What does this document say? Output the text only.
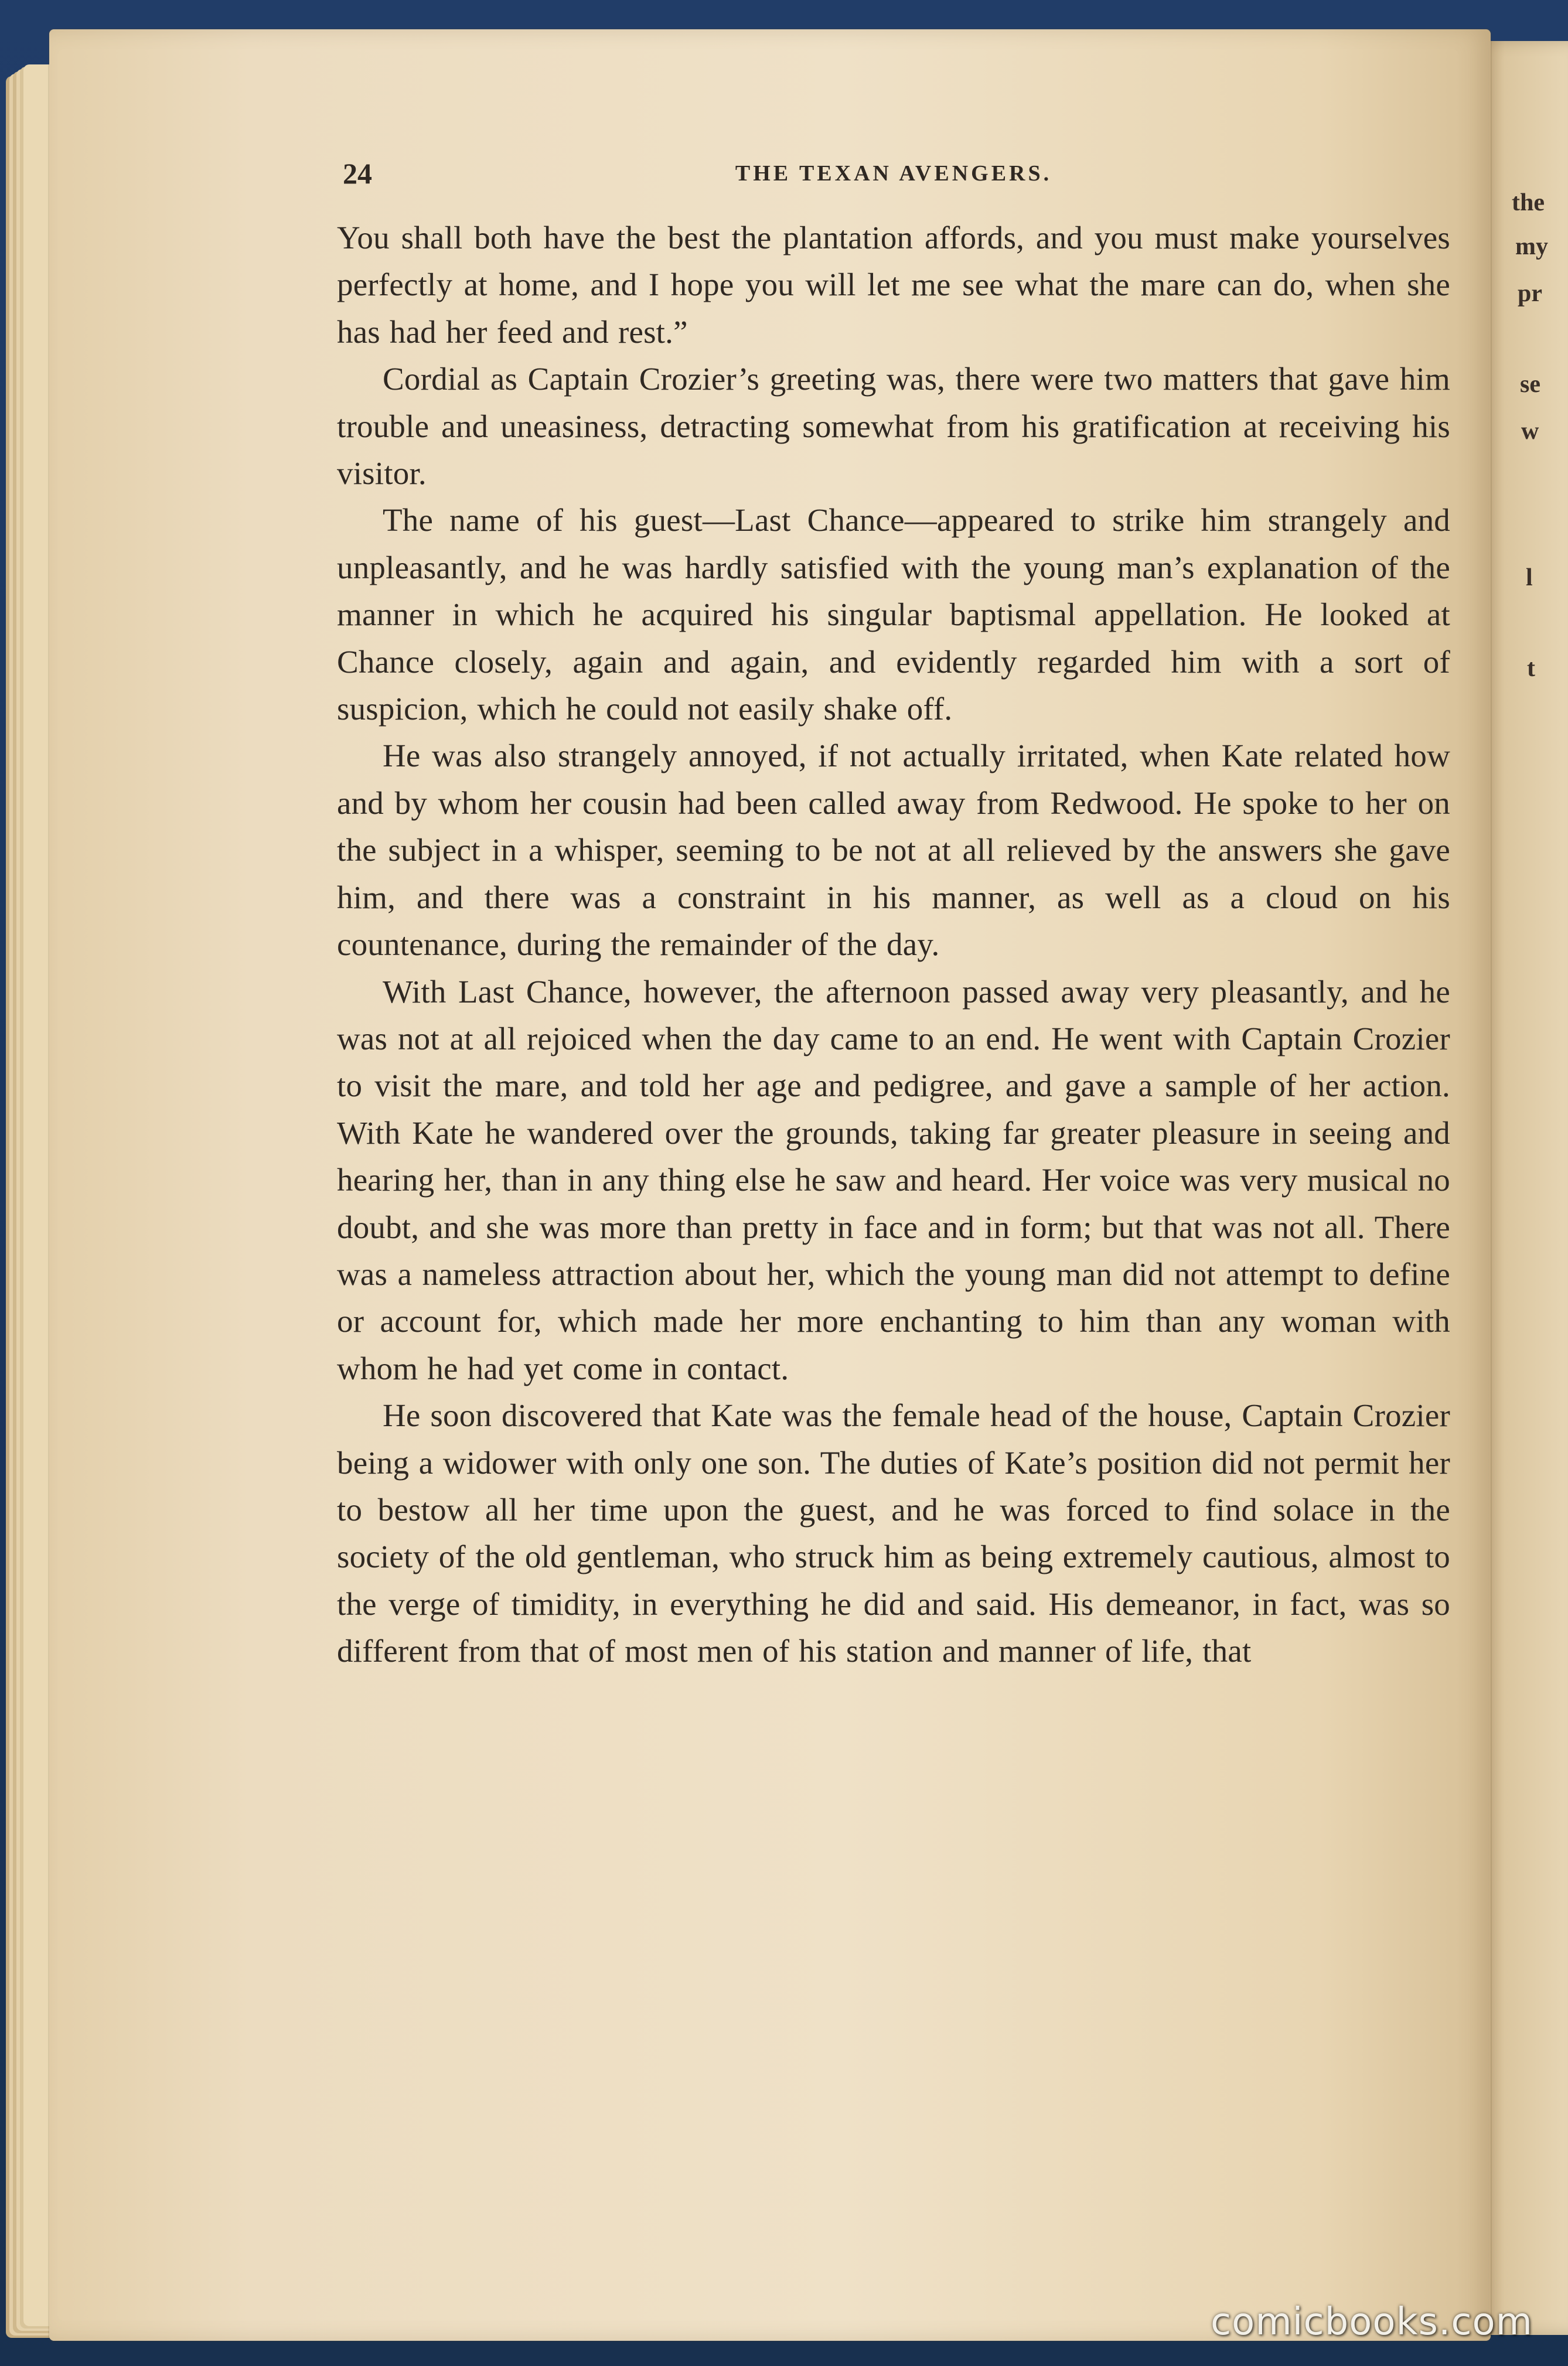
the
my
pr
se
w
l
t
24	THE TEXAN AVENGERS.

You shall both have the best the plantation affords, and you must make yourselves perfectly at home, and I hope you will let me see what the mare can do, when she has had her feed and rest.”

Cordial as Captain Crozier’s greeting was, there were two matters that gave him trouble and uneasiness, detracting somewhat from his gratification at receiving his visitor.

The name of his guest—Last Chance—appeared to strike him strangely and unpleasantly, and he was hardly satisfied with the young man’s explanation of the manner in which he acquired his singular baptismal appellation. He looked at Chance closely, again and again, and evidently regarded him with a sort of suspicion, which he could not easily shake off.

He was also strangely annoyed, if not actually irritated, when Kate related how and by whom her cousin had been called away from Redwood. He spoke to her on the subject in a whisper, seeming to be not at all relieved by the answers she gave him, and there was a constraint in his manner, as well as a cloud on his countenance, during the remainder of the day.

With Last Chance, however, the afternoon passed away very pleasantly, and he was not at all rejoiced when the day came to an end. He went with Captain Crozier to visit the mare, and told her age and pedigree, and gave a sample of her action. With Kate he wandered over the grounds, taking far greater pleasure in seeing and hearing her, than in any thing else he saw and heard. Her voice was very musical no doubt, and she was more than pretty in face and in form; but that was not all. There was a nameless attraction about her, which the young man did not attempt to define or account for, which made her more enchanting to him than any woman with whom he had yet come in contact.

He soon discovered that Kate was the female head of the house, Captain Crozier being a widower with only one son. The duties of Kate’s position did not permit her to bestow all her time upon the guest, and he was forced to find solace in the society of the old gentleman, who struck him as being extremely cautious, almost to the verge of timidity, in everything he did and said. His demeanor, in fact, was so different from that of most men of his station and manner of life, that

comicbooks.com
